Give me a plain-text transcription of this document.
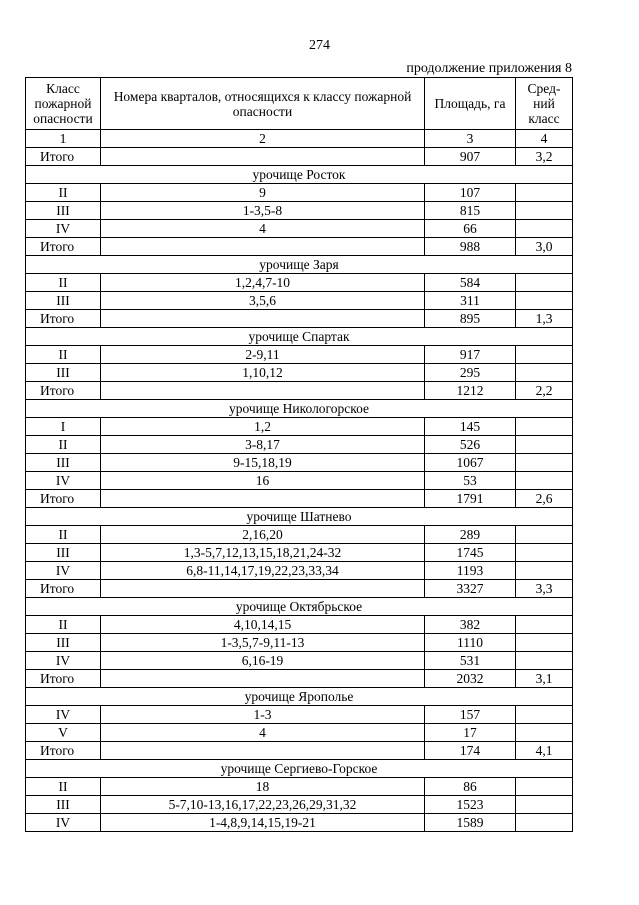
274
продолжение приложения 8
Класс пожарной опасности	Номера кварталов, относящихся к классу пожарной опасности	Площадь, га	Сред-ний класс
1	2	3	4
Итого		907	3,2
урочище Росток			
II	9	107	
III	1-3,5-8	815	
IV	4	66	
Итого		988	3,0
урочище Заря			
II	1,2,4,7-10	584	
III	3,5,6	311	
Итого		895	1,3
урочище Спартак			
II	2-9,11	917	
III	1,10,12	295	
Итого		1212	2,2
урочище Никологорское			
I	1,2	145	
II	3-8,17	526	
III	9-15,18,19	1067	
IV	16	53	
Итого		1791	2,6
урочище Шатнево			
II	2,16,20	289	
III	1,3-5,7,12,13,15,18,21,24-32	1745	
IV	6,8-11,14,17,19,22,23,33,34	1193	
Итого		3327	3,3
урочище Октябрьское			
II	4,10,14,15	382	
III	1-3,5,7-9,11-13	1110	
IV	6,16-19	531	
Итого		2032	3,1
урочище Ярополье			
IV	1-3	157	
V	4	17	
Итого		174	4,1
урочище Сергиево-Горское			
II	18	86	
III	5-7,10-13,16,17,22,23,26,29,31,32	1523	
IV	1-4,8,9,14,15,19-21	1589	
